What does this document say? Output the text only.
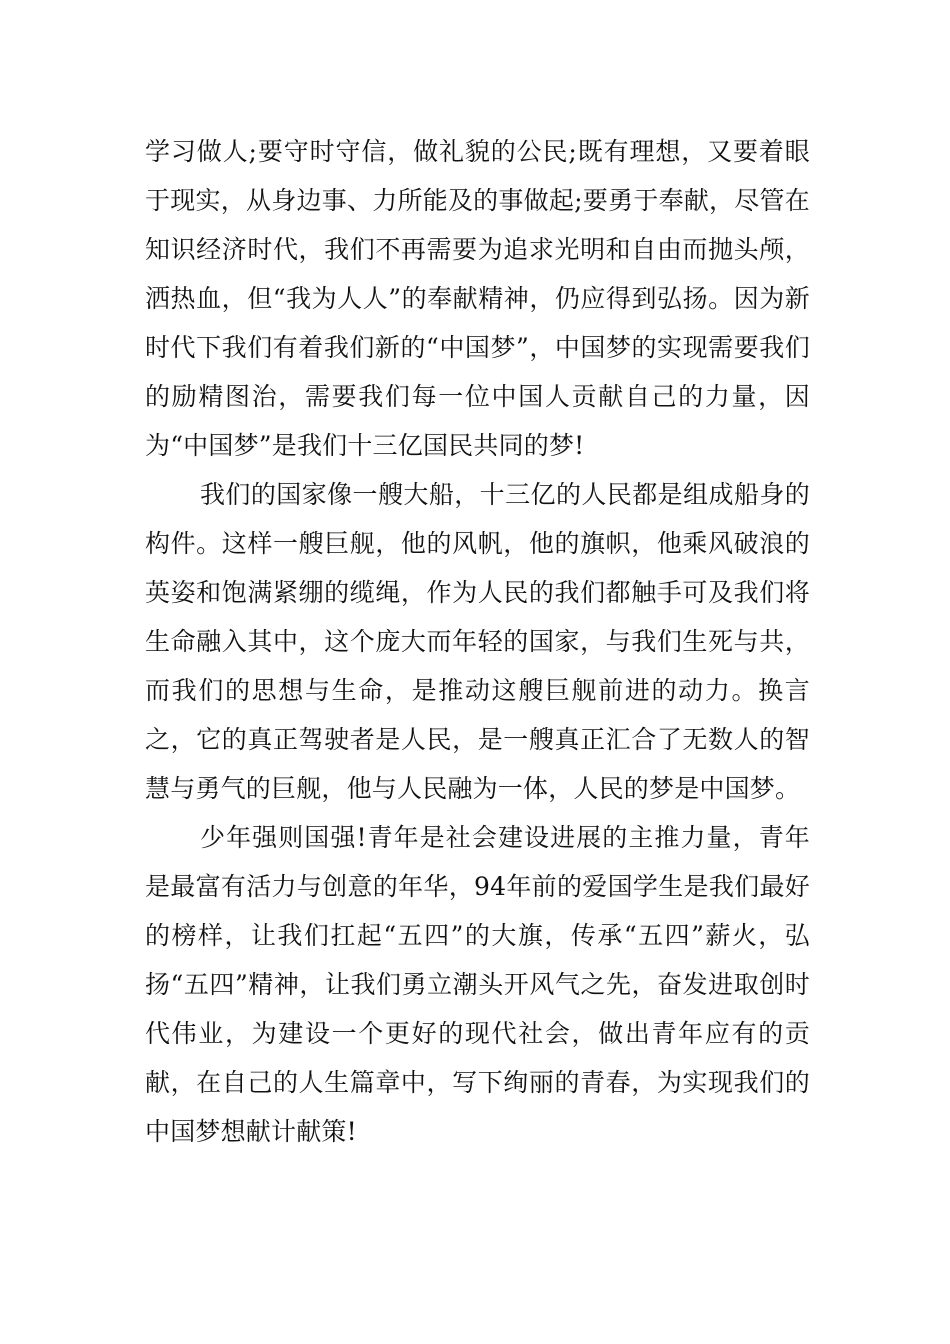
学习做人;要守时守信，做礼貌的公民;既有理想，又要着眼于现实，从身边事、力所能及的事做起;要勇于奉献，尽管在知识经济时代，我们不再需要为追求光明和自由而抛头颅，洒热血，但“我为人人”的奉献精神，仍应得到弘扬。因为新时代下我们有着我们新的“中国梦”，中国梦的实现需要我们的励精图治，需要我们每一位中国人贡献自己的力量，因为“中国梦”是我们十三亿国民共同的梦!

我们的国家像一艘大船，十三亿的人民都是组成船身的构件。这样一艘巨舰，他的风帆，他的旗帜，他乘风破浪的英姿和饱满紧绷的缆绳，作为人民的我们都触手可及我们将生命融入其中，这个庞大而年轻的国家，与我们生死与共，而我们的思想与生命，是推动这艘巨舰前进的动力。换言之，它的真正驾驶者是人民，是一艘真正汇合了无数人的智慧与勇气的巨舰，他与人民融为一体，人民的梦是中国梦。

少年强则国强!青年是社会建设进展的主推力量，青年是最富有活力与创意的年华，94年前的爱国学生是我们最好的榜样，让我们扛起“五四”的大旗，传承“五四”薪火，弘扬“五四”精神，让我们勇立潮头开风气之先，奋发进取创时代伟业，为建设一个更好的现代社会，做出青年应有的贡献，在自己的人生篇章中，写下绚丽的青春，为实现我们的中国梦想献计献策!
